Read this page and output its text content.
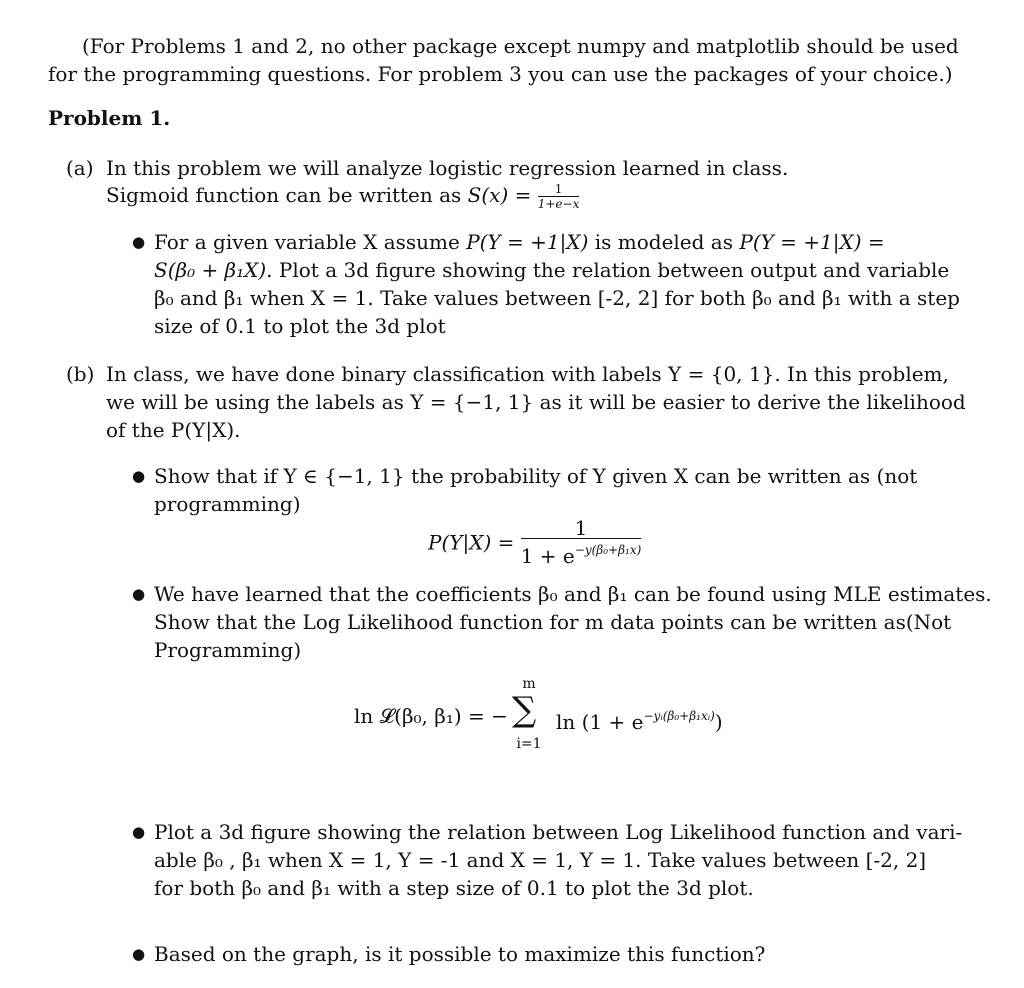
(For Problems 1 and 2, no other package except numpy and matplotlib should be used
for the programming questions. For problem 3 you can use the packages of your choice.)
Problem 1.
(a) In this problem we will analyze logistic regression learned in class.
Sigmoid function can be written as $S(x) = \frac{1}{1+e-x}$
● For a given variable X assume P(Y = +1|X) is modeled as P(Y = +1|X) =
S(β₀ + β₁X). Plot a 3d figure showing the relation between output and variable
β₀ and β₁ when X = 1. Take values between [-2, 2] for both β₀ and β₁ with a step
size of 0.1 to plot the 3d plot
(b) In class, we have done binary classification with labels Y = {0, 1}. In this problem,
we will be using the labels as Y = {−1, 1} as it will be easier to derive the likelihood
of the P(Y|X).
● Show that if Y ∈ {−1, 1} the probability of Y given X can be written as (not
programming)
$P(Y|X) = \frac{1}{1 + e^{-y(\beta_0+\beta_1x)}}$
● We have learned that the coefficients β₀ and β₁ can be found using MLE estimates.
Show that the Log Likelihood function for m data points can be written as(Not
Programming)
ln 𝓛(β₀, β₁) = −
m
∑
i=1
$\ln (1 + e^{-yᵢ(\beta_0+\beta_1xᵢ)})$
● Plot a 3d figure showing the relation between Log Likelihood function and vari-
able β₀ , β₁ when X = 1, Y = -1 and X = 1, Y = 1. Take values between [-2, 2]
for both β₀ and β₁ with a step size of 0.1 to plot the 3d plot.
● Based on the graph, is it possible to maximize this function?
